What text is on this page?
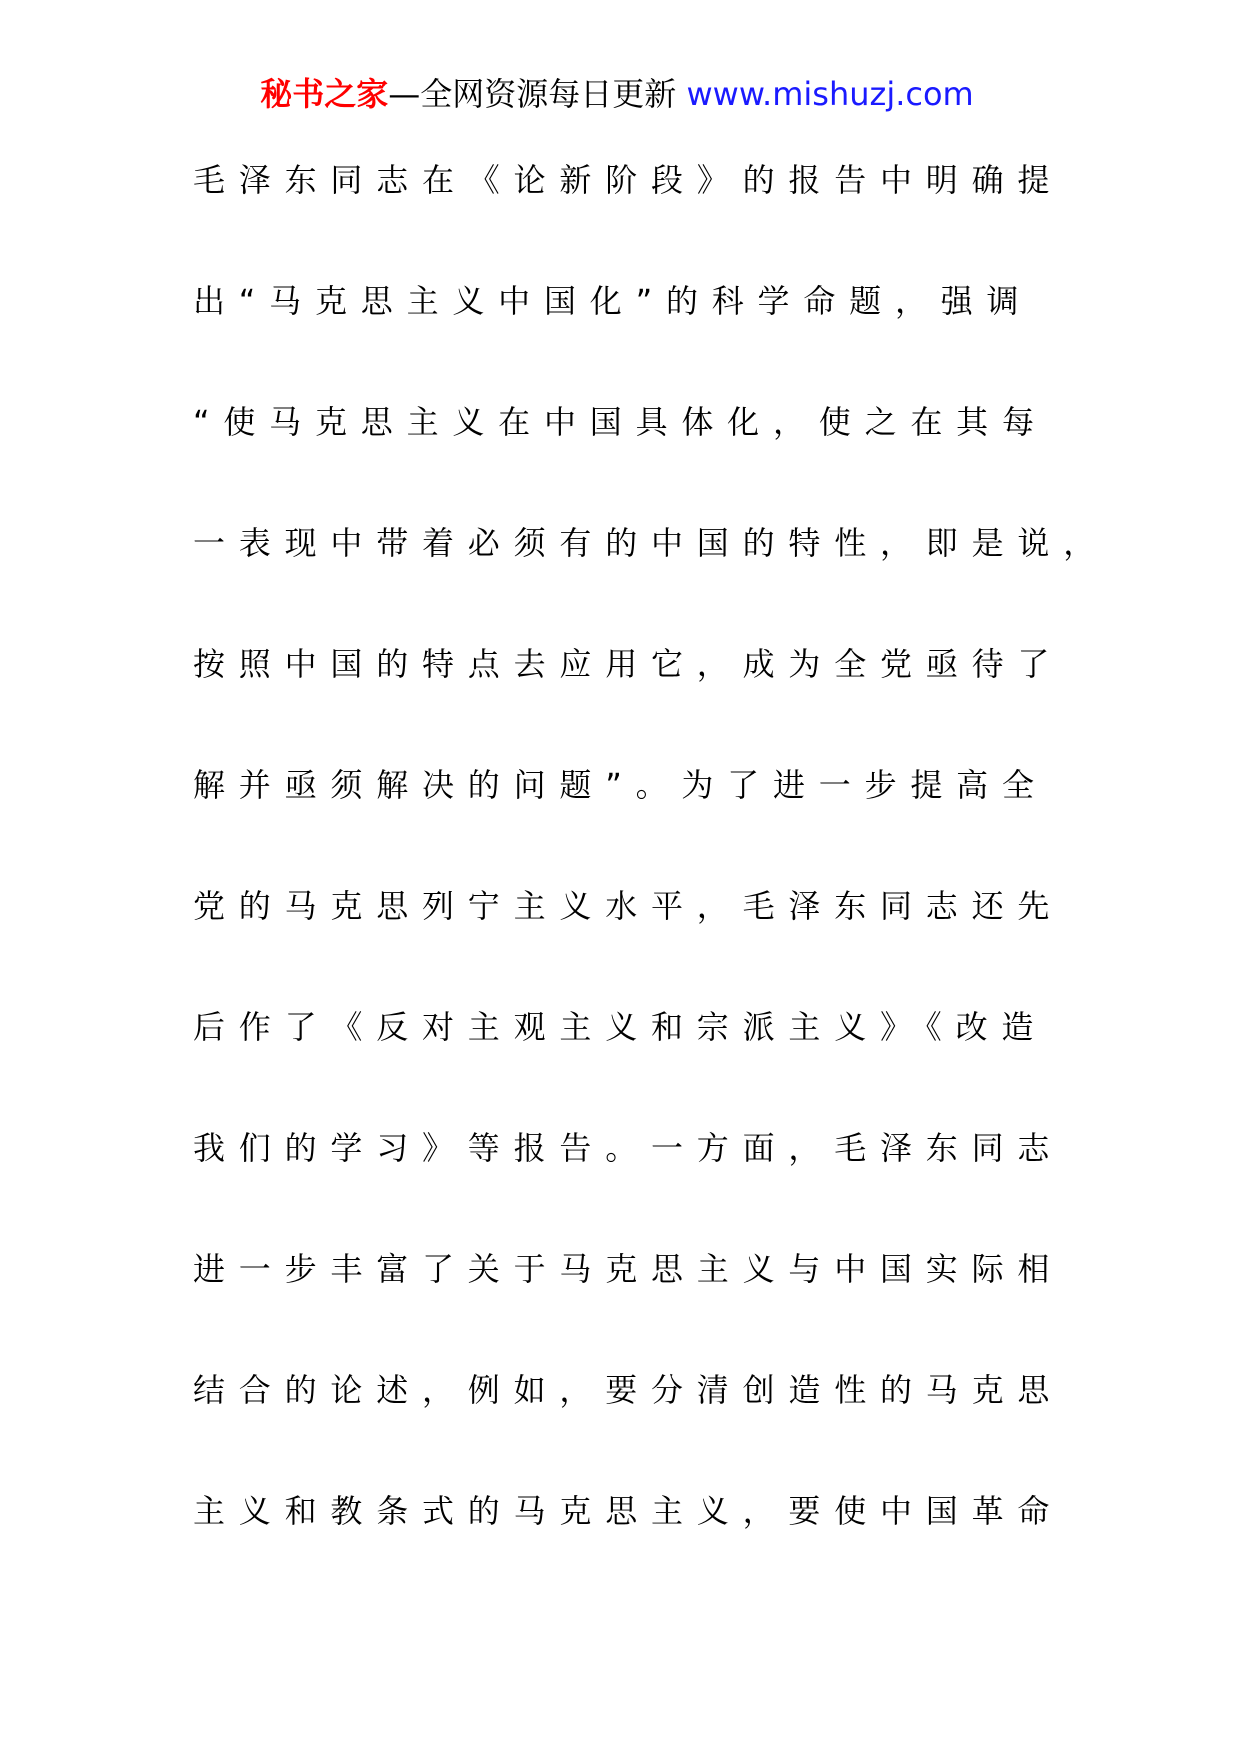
秘书之家—全网资源每日更新 www.mishuzj.com
毛泽东同志在《论新阶段》的报告中明确提
出“马克思主义中国化”的科学命题，强调
“使马克思主义在中国具体化，使之在其每
一表现中带着必须有的中国的特性，即是说，
按照中国的特点去应用它，成为全党亟待了
解并亟须解决的问题”。为了进一步提高全
党的马克思列宁主义水平，毛泽东同志还先
后作了《反对主观主义和宗派主义》《改造
我们的学习》等报告。一方面，毛泽东同志
进一步丰富了关于马克思主义与中国实际相
结合的论述，例如，要分清创造性的马克思
主义和教条式的马克思主义，要使中国革命
